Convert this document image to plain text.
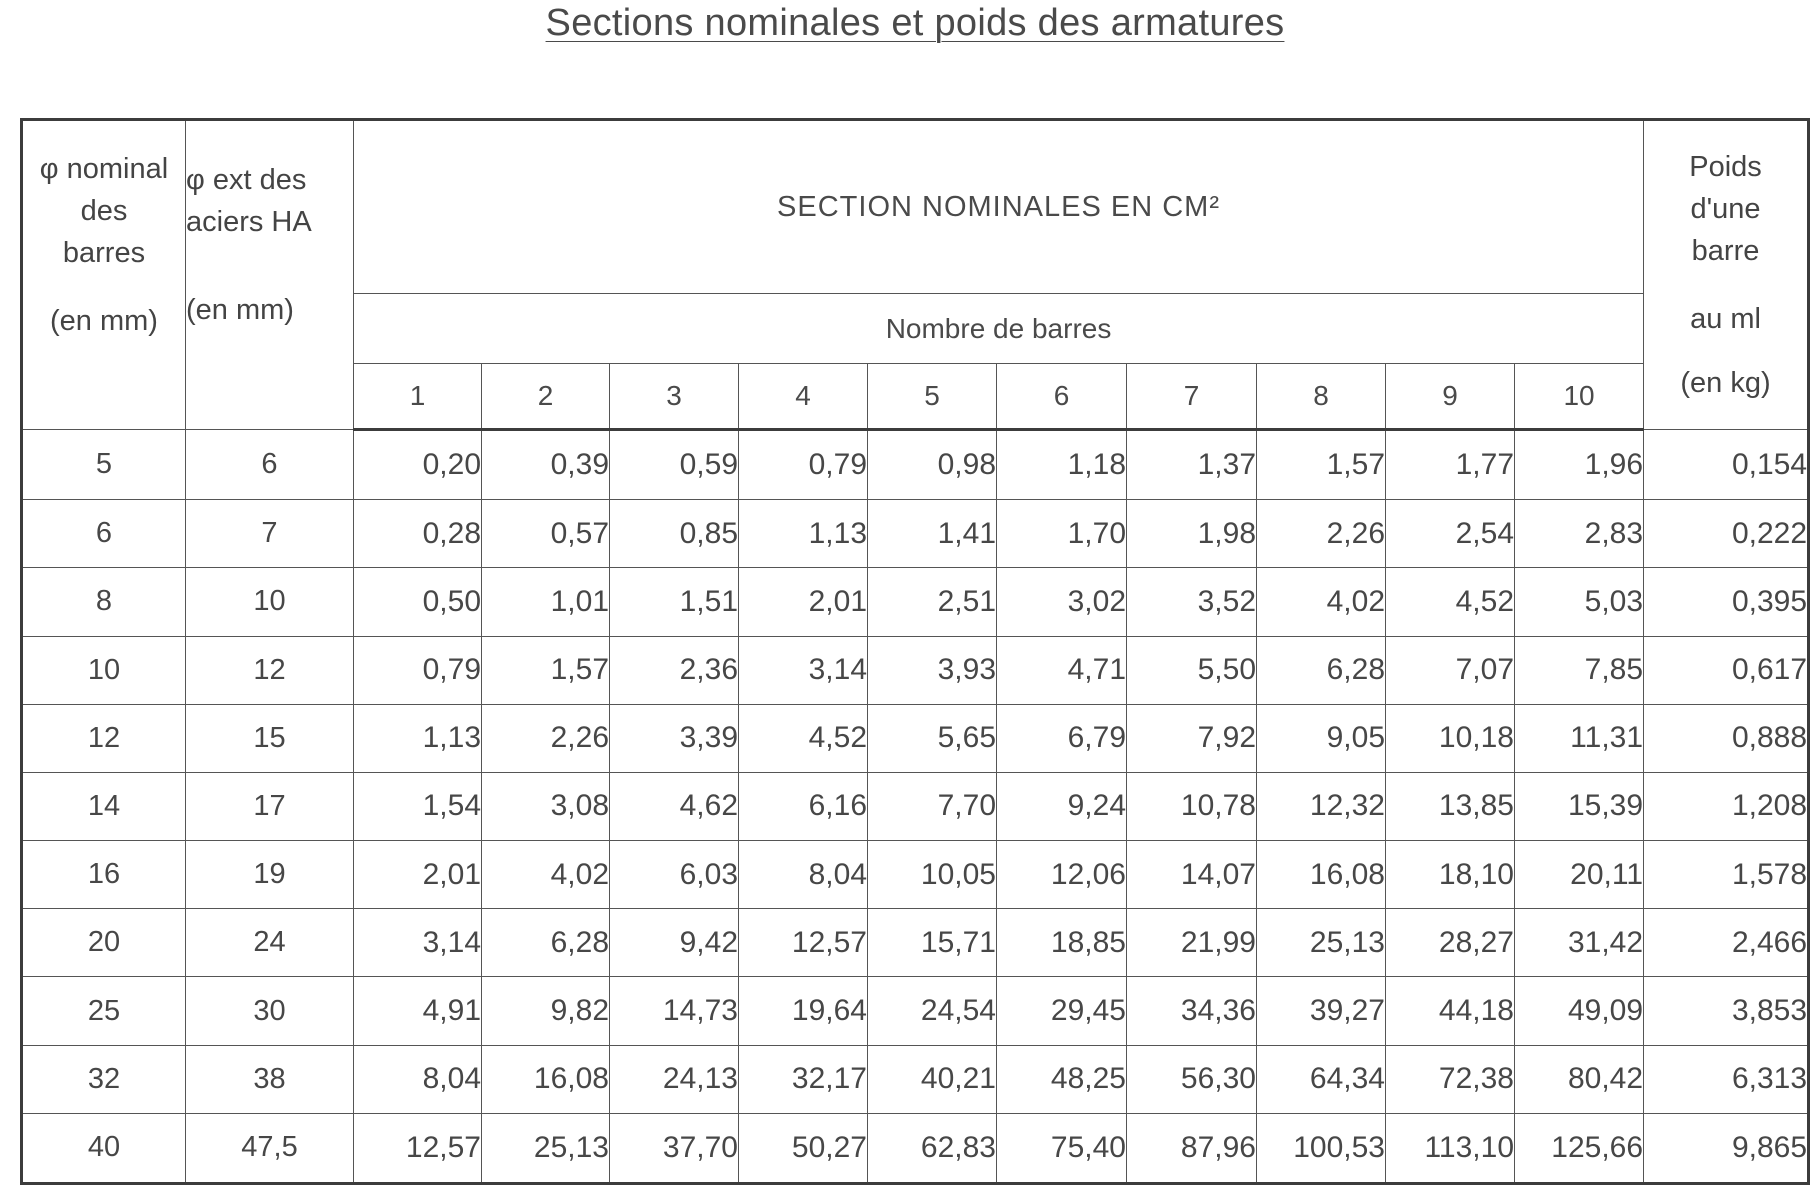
Sections nominales et poids des armatures
φ nominal
des
barres
(en mm)	φ ext des
aciers HA
(en mm)	SECTION NOMINALES EN CM²										Poids
d'une
barre
au ml
(en kg)

		Nombre de barres										
		1	2	3	4	5	6	7	8	9	10	
5	6	0,20	0,39	0,59	0,79	0,98	1,18	1,37	1,57	1,77	1,96	0,154
6	7	0,28	0,57	0,85	1,13	1,41	1,70	1,98	2,26	2,54	2,83	0,222
8	10	0,50	1,01	1,51	2,01	2,51	3,02	3,52	4,02	4,52	5,03	0,395
10	12	0,79	1,57	2,36	3,14	3,93	4,71	5,50	6,28	7,07	7,85	0,617
12	15	1,13	2,26	3,39	4,52	5,65	6,79	7,92	9,05	10,18	11,31	0,888
14	17	1,54	3,08	4,62	6,16	7,70	9,24	10,78	12,32	13,85	15,39	1,208
16	19	2,01	4,02	6,03	8,04	10,05	12,06	14,07	16,08	18,10	20,11	1,578
20	24	3,14	6,28	9,42	12,57	15,71	18,85	21,99	25,13	28,27	31,42	2,466
25	30	4,91	9,82	14,73	19,64	24,54	29,45	34,36	39,27	44,18	49,09	3,853
32	38	8,04	16,08	24,13	32,17	40,21	48,25	56,30	64,34	72,38	80,42	6,313
40	47,5	12,57	25,13	37,70	50,27	62,83	75,40	87,96	100,53	113,10	125,66	9,865
